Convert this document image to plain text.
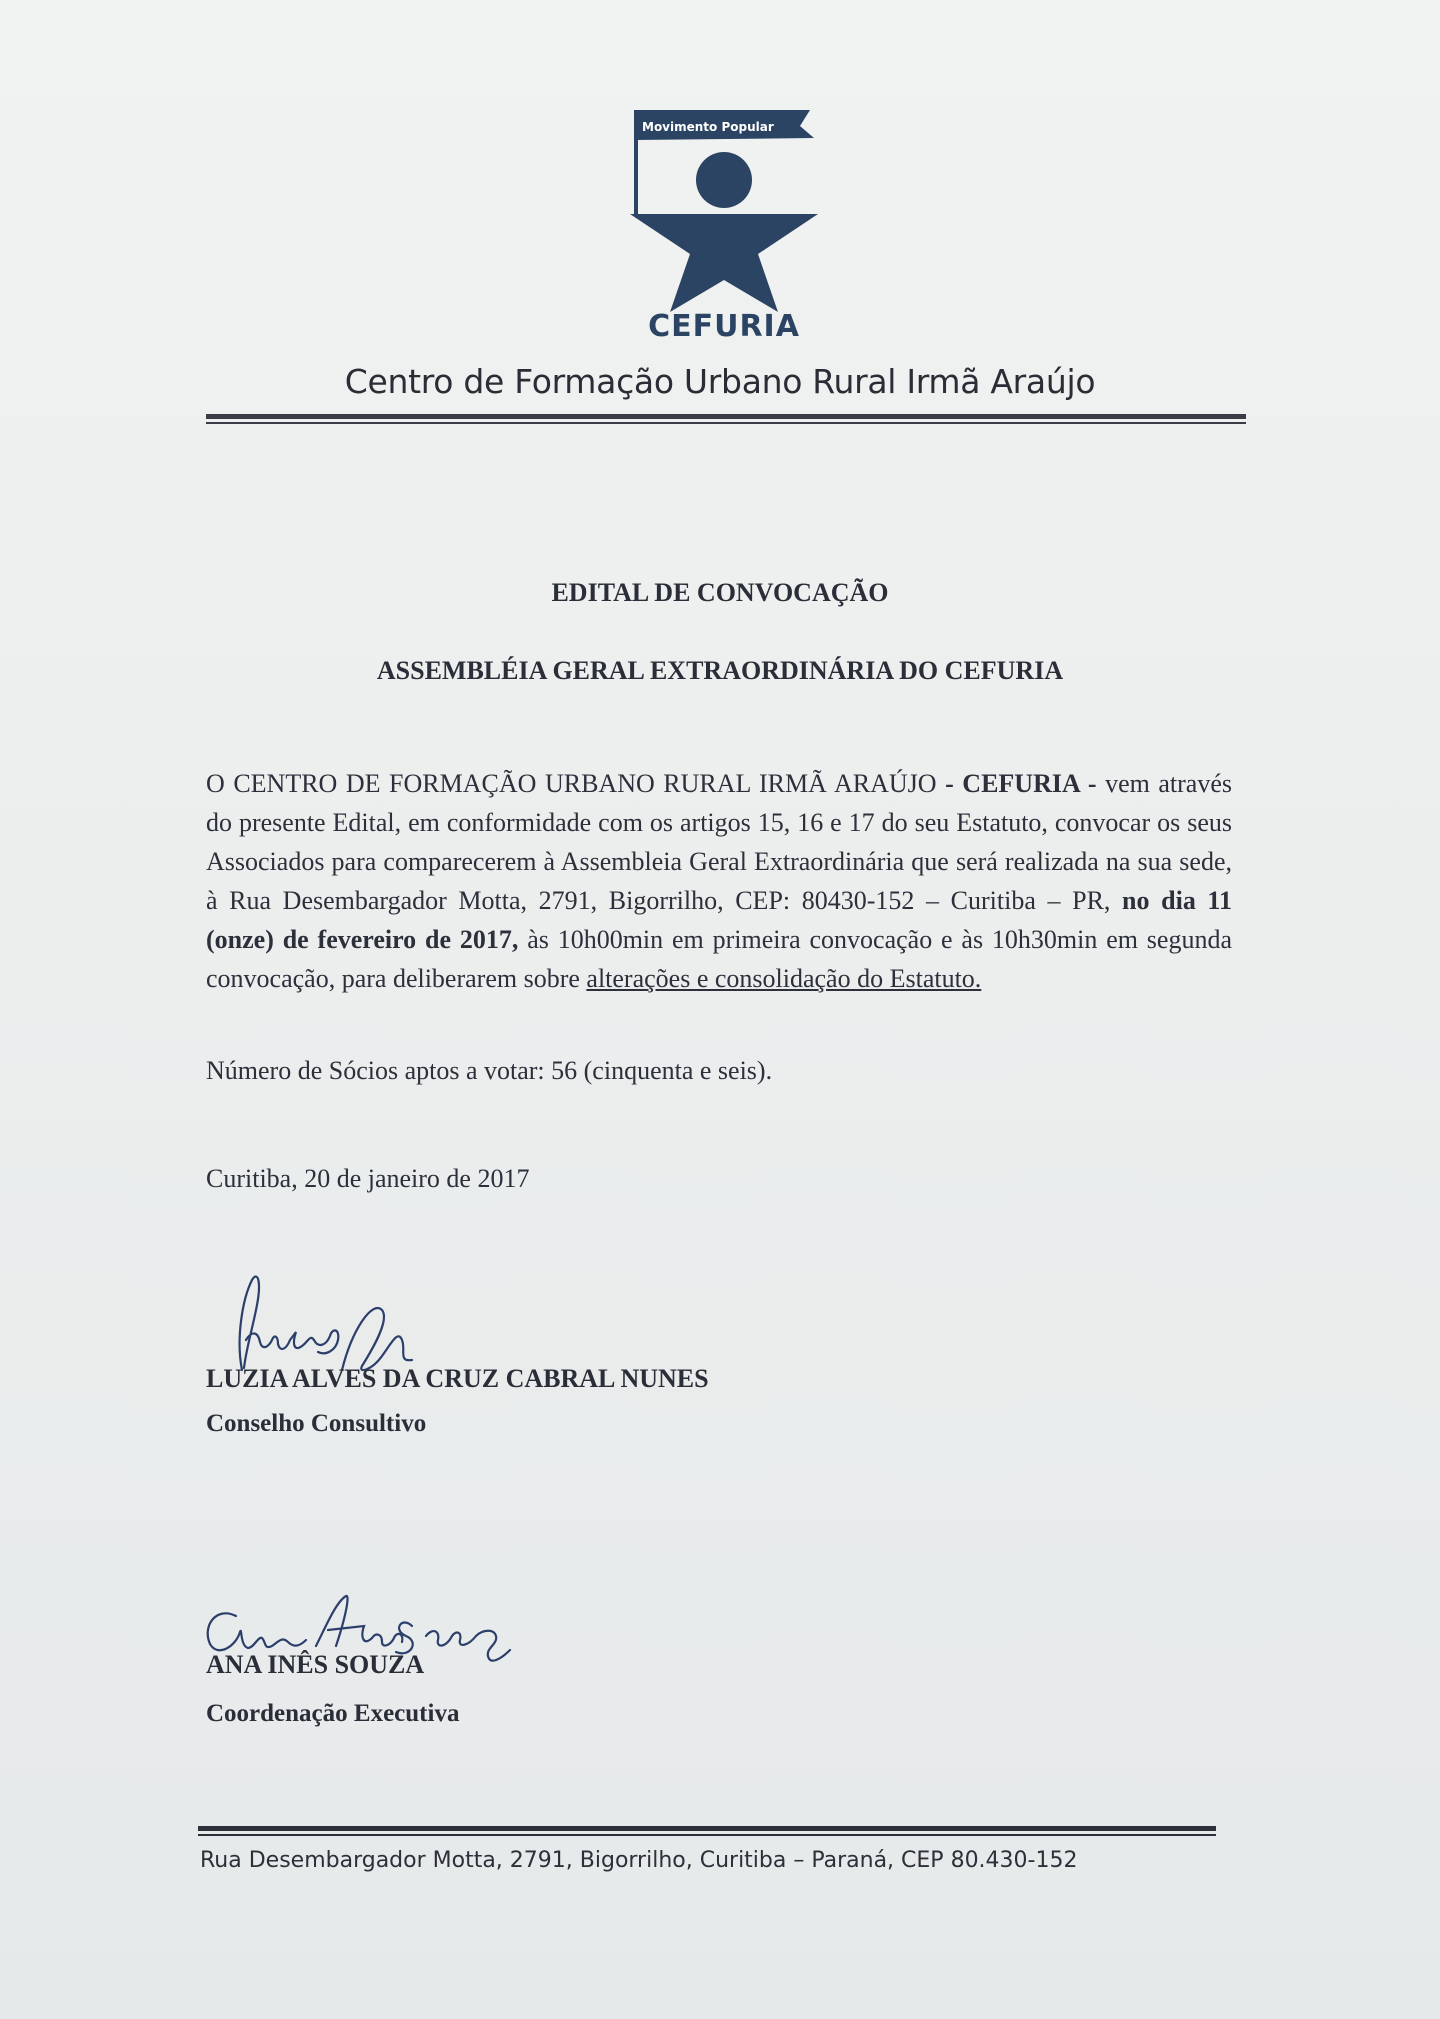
Movimento Popular
CEFURIA
Centro de Formação Urbano Rural Irmã Araújo
EDITAL DE CONVOCAÇÃO
ASSEMBLÉIA GERAL EXTRAORDINÁRIA DO CEFURIA
O CENTRO DE FORMAÇÃO URBANO RURAL IRMÃ ARAÚJO - CEFURIA - vem através do presente Edital, em conformidade com os artigos 15, 16 e 17 do seu Estatuto, convocar os seus Associados para comparecerem à Assembleia Geral Extraordinária que será realizada na sua sede, à Rua Desembargador Motta, 2791, Bigorrilho, CEP: 80430-152 – Curitiba – PR, no dia 11 (onze) de fevereiro de 2017, às 10h00min em primeira convocação e às 10h30min em segunda convocação, para deliberarem sobre alterações e consolidação do Estatuto.
Número de Sócios aptos a votar: 56 (cinquenta e seis).
Curitiba, 20 de janeiro de 2017
LUZIA ALVES DA CRUZ CABRAL NUNES
Conselho Consultivo
ANA INÊS SOUZA
Coordenação Executiva
Rua Desembargador Motta, 2791, Bigorrilho, Curitiba – Paraná, CEP 80.430-152
